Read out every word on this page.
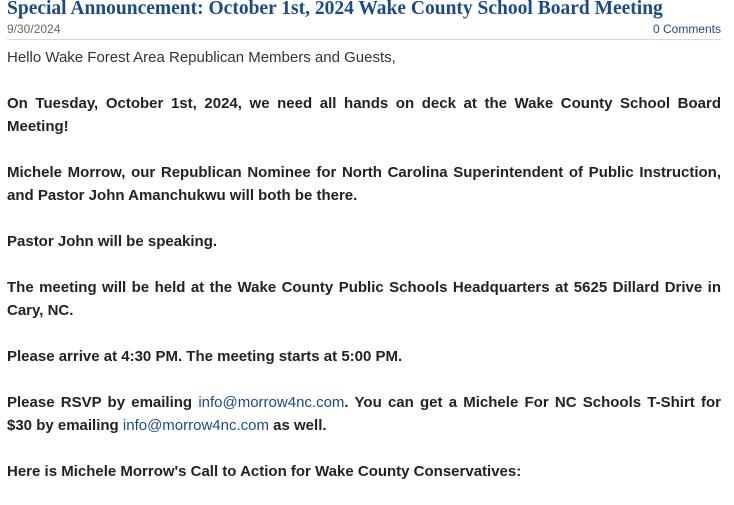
Special Announcement: October 1st, 2024 Wake County School Board Meeting
9/30/2024	0 Comments

Hello Wake Forest Area Republican Members and Guests,

On Tuesday, October 1st, 2024, we need all hands on deck at the Wake County School Board Meeting!

Michele Morrow, our Republican Nominee for North Carolina Superintendent of Public Instruction, and Pastor John Amanchukwu will both be there.

Pastor John will be speaking.

The meeting will be held at the Wake County Public Schools Headquarters at 5625 Dillard Drive in Cary, NC.

Please arrive at 4:30 PM. The meeting starts at 5:00 PM.

Please RSVP by emailing info@morrow4nc.com. You can get a Michele For NC Schools T-Shirt for $30 by emailing info@morrow4nc.com as well.

Here is Michele Morrow's Call to Action for Wake County Conservatives:
